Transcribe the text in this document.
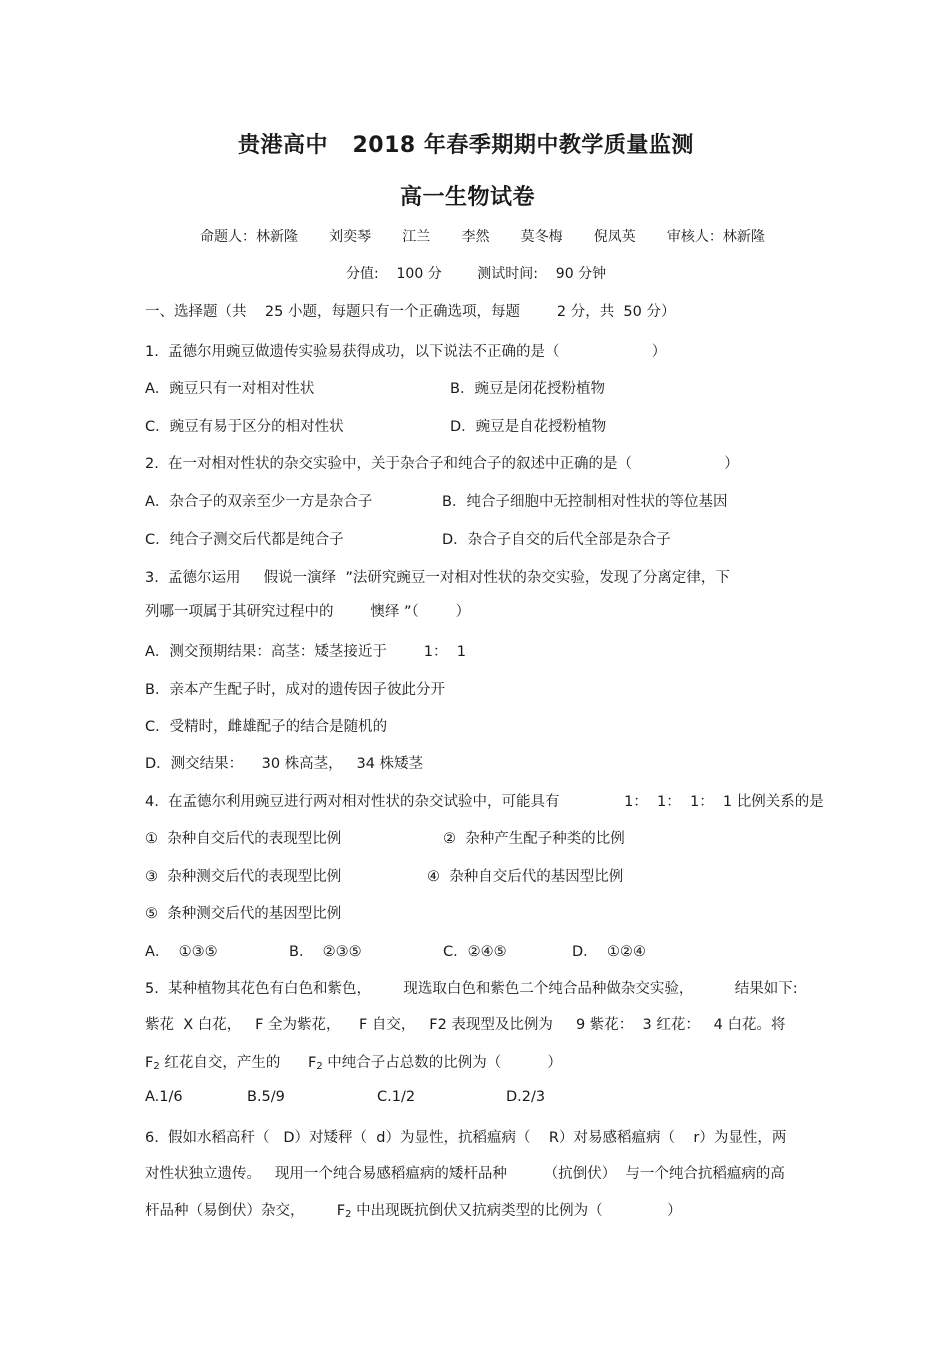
贵港高中   2018 年春季期期中教学质量监测
高一生物试卷
命题人：林新隆       刘奕琴       江兰       李然       莫冬梅       倪凤英       审核人：林新隆
分值:    100 分        测试时间:    90 分钟
一、选择题（共    25 小题，每题只有一个正确选项，每题        2 分，共  50 分）
1.  孟德尔用豌豆做遗传实验易获得成功，以下说法不正确的是（                    ）
A．豌豆只有一对相对性状	B．豌豆是闭花授粉植物
C．豌豆有易于区分的相对性状	D．豌豆是自花授粉植物
2.  在一对相对性状的杂交实验中，关于杂合子和纯合子的叙述中正确的是（                    ）
A．杂合子的双亲至少一方是杂合子	B．纯合子细胞中无控制相对性状的等位基因
C．纯合子测交后代都是纯合子	D．杂合子自交的后代全部是杂合子
3.  孟德尔运用     假说一演绎  ”法研究豌豆一对相对性状的杂交实验，发现了分离定律，下
列哪一项属于其研究过程中的        懊绎 ”（        ）
A．测交预期结果：高茎：矮茎接近于        1：  1
B．亲本产生配子时，成对的遗传因子彼此分开
C．受精时，雌雄配子的结合是随机的
D．测交结果：    30 株高茎，   34 株矮茎
4.  在孟德尔利用豌豆进行两对相对性状的杂交试验中，可能具有              1：  1：  1：  1 比例关系的是
①  杂种自交后代的表现型比例	②  杂种产生配子种类的比例
③  杂种测交后代的表现型比例	④  杂种自交后代的基因型比例
⑤  条种测交后代的基因型比例
A．  ①③⑤	B．  ②③⑤	C．②④⑤	D．  ①②④
5.  某种植物其花色有白色和紫色，       现选取白色和紫色二个纯合品种做杂交实验，         结果如下:
紫花  X 白花，   F 全为紫花，    F 自交，   F2 表现型及比例为     9 紫花：  3 红花：   4 白花。将
$F_2$ 红花自交，产生的      $F_2$ 中纯合子占总数的比例为（          ）
A.1/6	B.5/9	C.1/2	D.2/3
6.  假如水稻高秆（   D）对矮秤（  d）为显性，抗稻瘟病（    R）对易感稻瘟病（    r）为显性，两
对性状独立遗传。   现用一个纯合易感稻瘟病的矮杆品种        （抗倒伏）  与一个纯合抗稻瘟病的高
杆品种（易倒伏）杂交，       $F_2$ 中出现既抗倒伏又抗病类型的比例为（              ）
